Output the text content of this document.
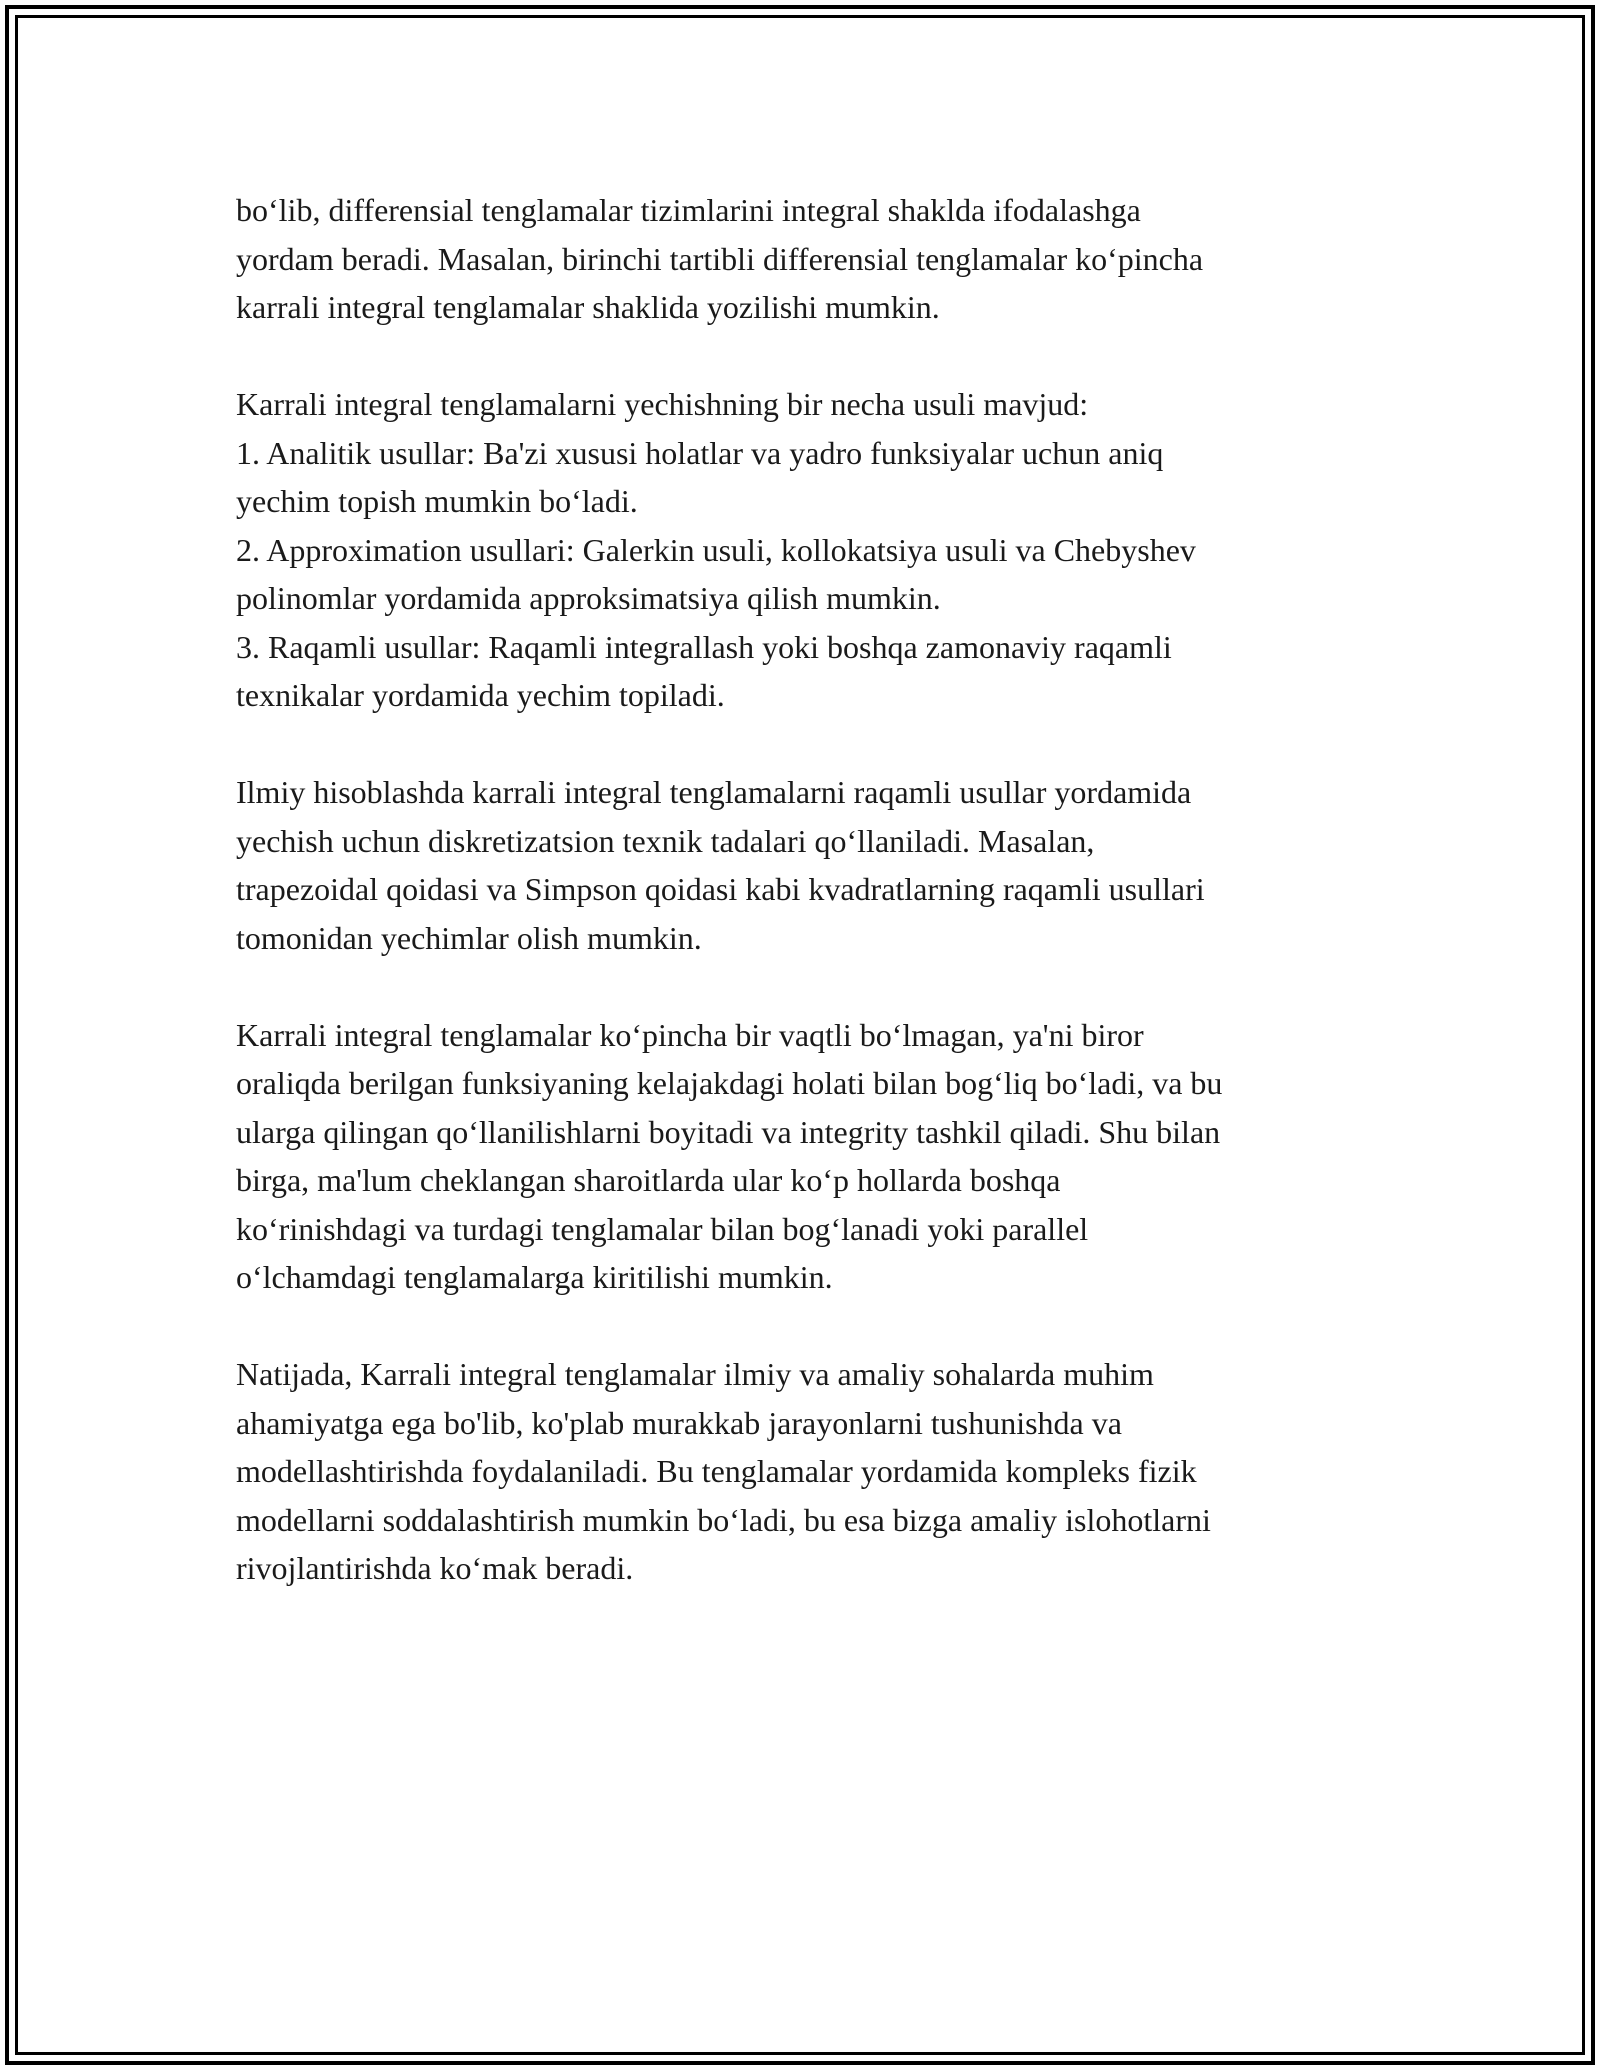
bo‘lib, differensial tenglamalar tizimlarini integral shaklda ifodalashga
yordam beradi. Masalan, birinchi tartibli differensial tenglamalar ko‘pincha
karrali integral tenglamalar shaklida yozilishi mumkin.

Karrali integral tenglamalarni yechishning bir necha usuli mavjud:
1. Analitik usullar: Ba'zi xususi holatlar va yadro funksiyalar uchun aniq
yechim topish mumkin bo‘ladi.
2. Approximation usullari: Galerkin usuli, kollokatsiya usuli va Chebyshev
polinomlar yordamida approksimatsiya qilish mumkin.
3. Raqamli usullar: Raqamli integrallash yoki boshqa zamonaviy raqamli
texnikalar yordamida yechim topiladi.

Ilmiy hisoblashda karrali integral tenglamalarni raqamli usullar yordamida
yechish uchun diskretizatsion texnik tadalari qo‘llaniladi. Masalan,
trapezoidal qoidasi va Simpson qoidasi kabi kvadratlarning raqamli usullari
tomonidan yechimlar olish mumkin.

Karrali integral tenglamalar ko‘pincha bir vaqtli bo‘lmagan, ya'ni biror
oraliqda berilgan funksiyaning kelajakdagi holati bilan bog‘liq bo‘ladi, va bu
ularga qilingan qo‘llanilishlarni boyitadi va integrity tashkil qiladi. Shu bilan
birga, ma'lum cheklangan sharoitlarda ular ko‘p hollarda boshqa
ko‘rinishdagi va turdagi tenglamalar bilan bog‘lanadi yoki parallel
o‘lchamdagi tenglamalarga kiritilishi mumkin.

Natijada, Karrali integral tenglamalar ilmiy va amaliy sohalarda muhim
ahamiyatga ega bo'lib, ko'plab murakkab jarayonlarni tushunishda va
modellashtirishda foydalaniladi. Bu tenglamalar yordamida kompleks fizik
modellarni soddalashtirish mumkin bo‘ladi, bu esa bizga amaliy islohotlarni
rivojlantirishda ko‘mak beradi.
